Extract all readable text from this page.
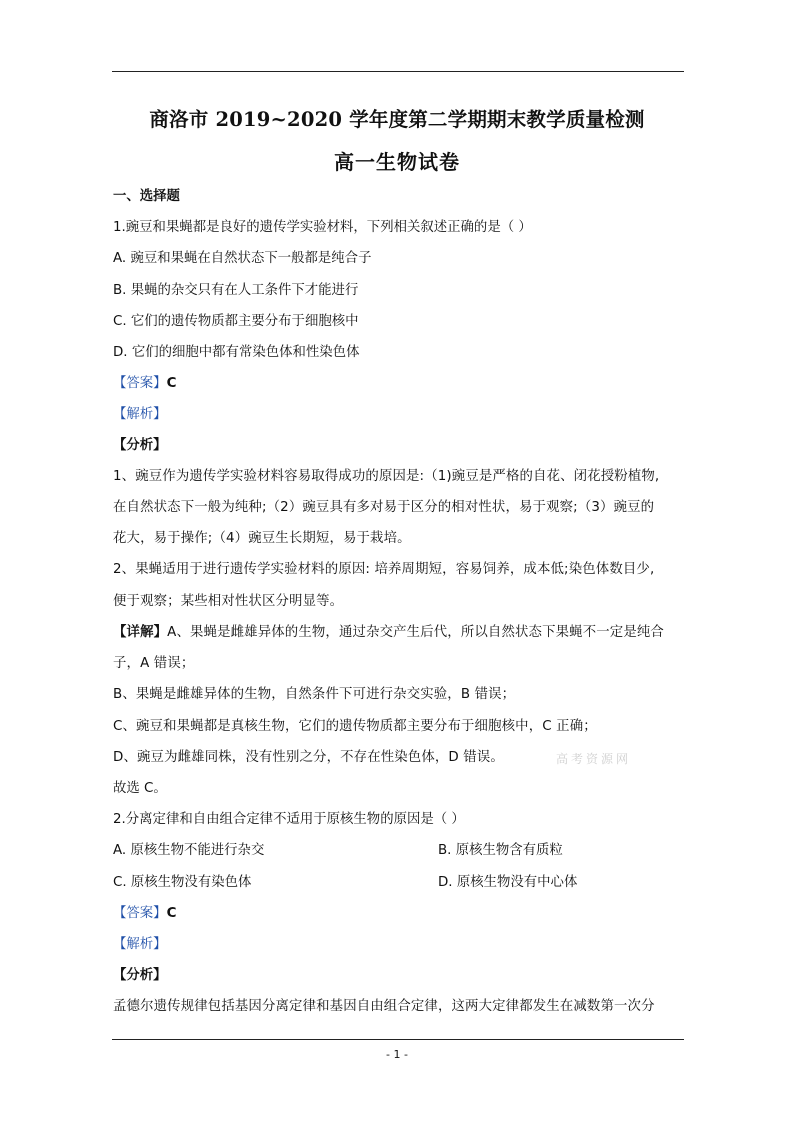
商洛市 2019~2020 学年度第二学期期末教学质量检测
高一生物试卷
一、选择题
1.豌豆和果蝇都是良好的遗传学实验材料，下列相关叙述正确的是（ ）
A. 豌豆和果蝇在自然状态下一般都是纯合子
B. 果蝇的杂交只有在人工条件下才能进行
C. 它们的遗传物质都主要分布于细胞核中
D. 它们的细胞中都有常染色体和性染色体
【答案】C
【解析】
【分析】
1、豌豆作为遗传学实验材料容易取得成功的原因是:（1)豌豆是严格的自花、闭花授粉植物,
在自然状态下一般为纯种;（2）豌豆具有多对易于区分的相对性状，易于观察;（3）豌豆的
花大，易于操作;（4）豌豆生长期短，易于栽培。
2、果蝇适用于进行遗传学实验材料的原因: 培养周期短，容易饲养，成本低;染色体数目少,
便于观察；某些相对性状区分明显等。
【详解】A、果蝇是雌雄异体的生物，通过杂交产生后代，所以自然状态下果蝇不一定是纯合
子，A 错误；
B、果蝇是雌雄异体的生物，自然条件下可进行杂交实验，B 错误；
C、豌豆和果蝇都是真核生物，它们的遗传物质都主要分布于细胞核中，C 正确；
D、豌豆为雌雄同株，没有性别之分，不存在性染色体，D 错误。
故选 C。
高考资源网
2.分离定律和自由组合定律不适用于原核生物的原因是（ ）
A. 原核生物不能进行杂交	B. 原核生物含有质粒
C. 原核生物没有染色体	D. 原核生物没有中心体
【答案】C
【解析】
【分析】
孟德尔遗传规律包括基因分离定律和基因自由组合定律，这两大定律都发生在减数第一次分
- 1 -
